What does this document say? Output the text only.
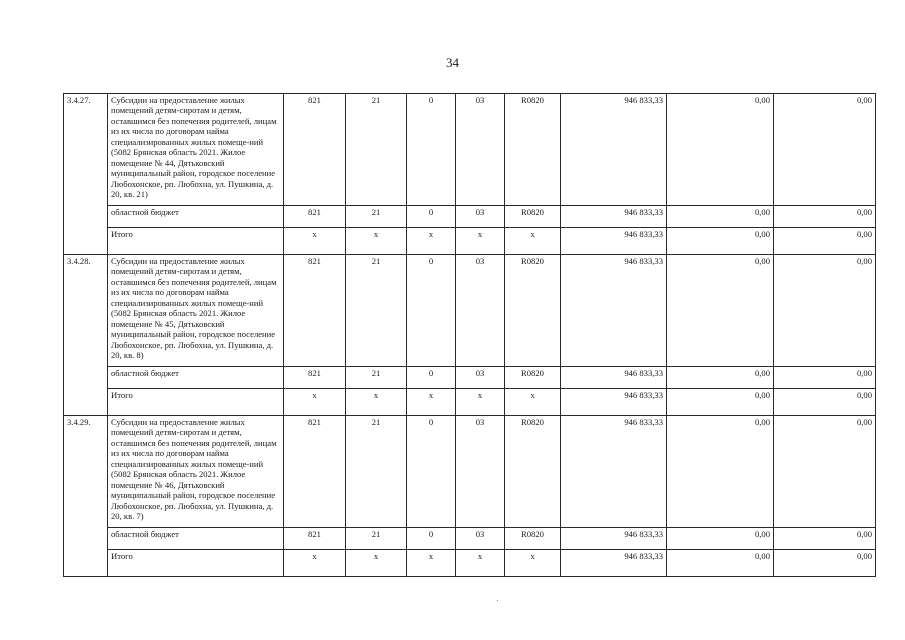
34
3.4.27.	Субсидии на предоставление жилых помещений детям-сиротам и детям, оставшимся без попечения родителей, лицам из их числа по договорам найма специализированных жилых помеще-ний (5082 Брянская область 2021. Жилое помещение № 44, Дятьковский муниципальный район, городское поселение Любохонское, рп. Любохна, ул. Пушкина, д. 20, кв. 21)	821	21	0	03	R0820	946 833,33	0,00	0,00
	областной бюджет	821	21	0	03	R0820	946 833,33	0,00	0,00
	Итого	x	x	x	x	x	946 833,33	0,00	0,00
3.4.28.	Субсидии на предоставление жилых помещений детям-сиротам и детям, оставшимся без попечения родителей, лицам из их числа по договорам найма специализированных жилых помеще-ний (5082 Брянская область 2021. Жилое помещение № 45, Дятьковский муниципальный район, городское поселение Любохонское, рп. Любохна, ул. Пушкина, д. 20, кв. 8)	821	21	0	03	R0820	946 833,33	0,00	0,00
	областной бюджет	821	21	0	03	R0820	946 833,33	0,00	0,00
	Итого	x	x	x	x	x	946 833,33	0,00	0,00
3.4.29.	Субсидии на предоставление жилых помещений детям-сиротам и детям, оставшимся без попечения родителей, лицам из их числа по договорам найма специализированных жилых помеще-ний (5082 Брянская область 2021. Жилое помещение № 46, Дятьковский муниципальный район, городское поселение Любохонское, рп. Любохна, ул. Пушкина, д. 20, кв. 7)	821	21	0	03	R0820	946 833,33	0,00	0,00
	областной бюджет	821	21	0	03	R0820	946 833,33	0,00	0,00
	Итого	x	x	x	x	x	946 833,33	0,00	0,00
